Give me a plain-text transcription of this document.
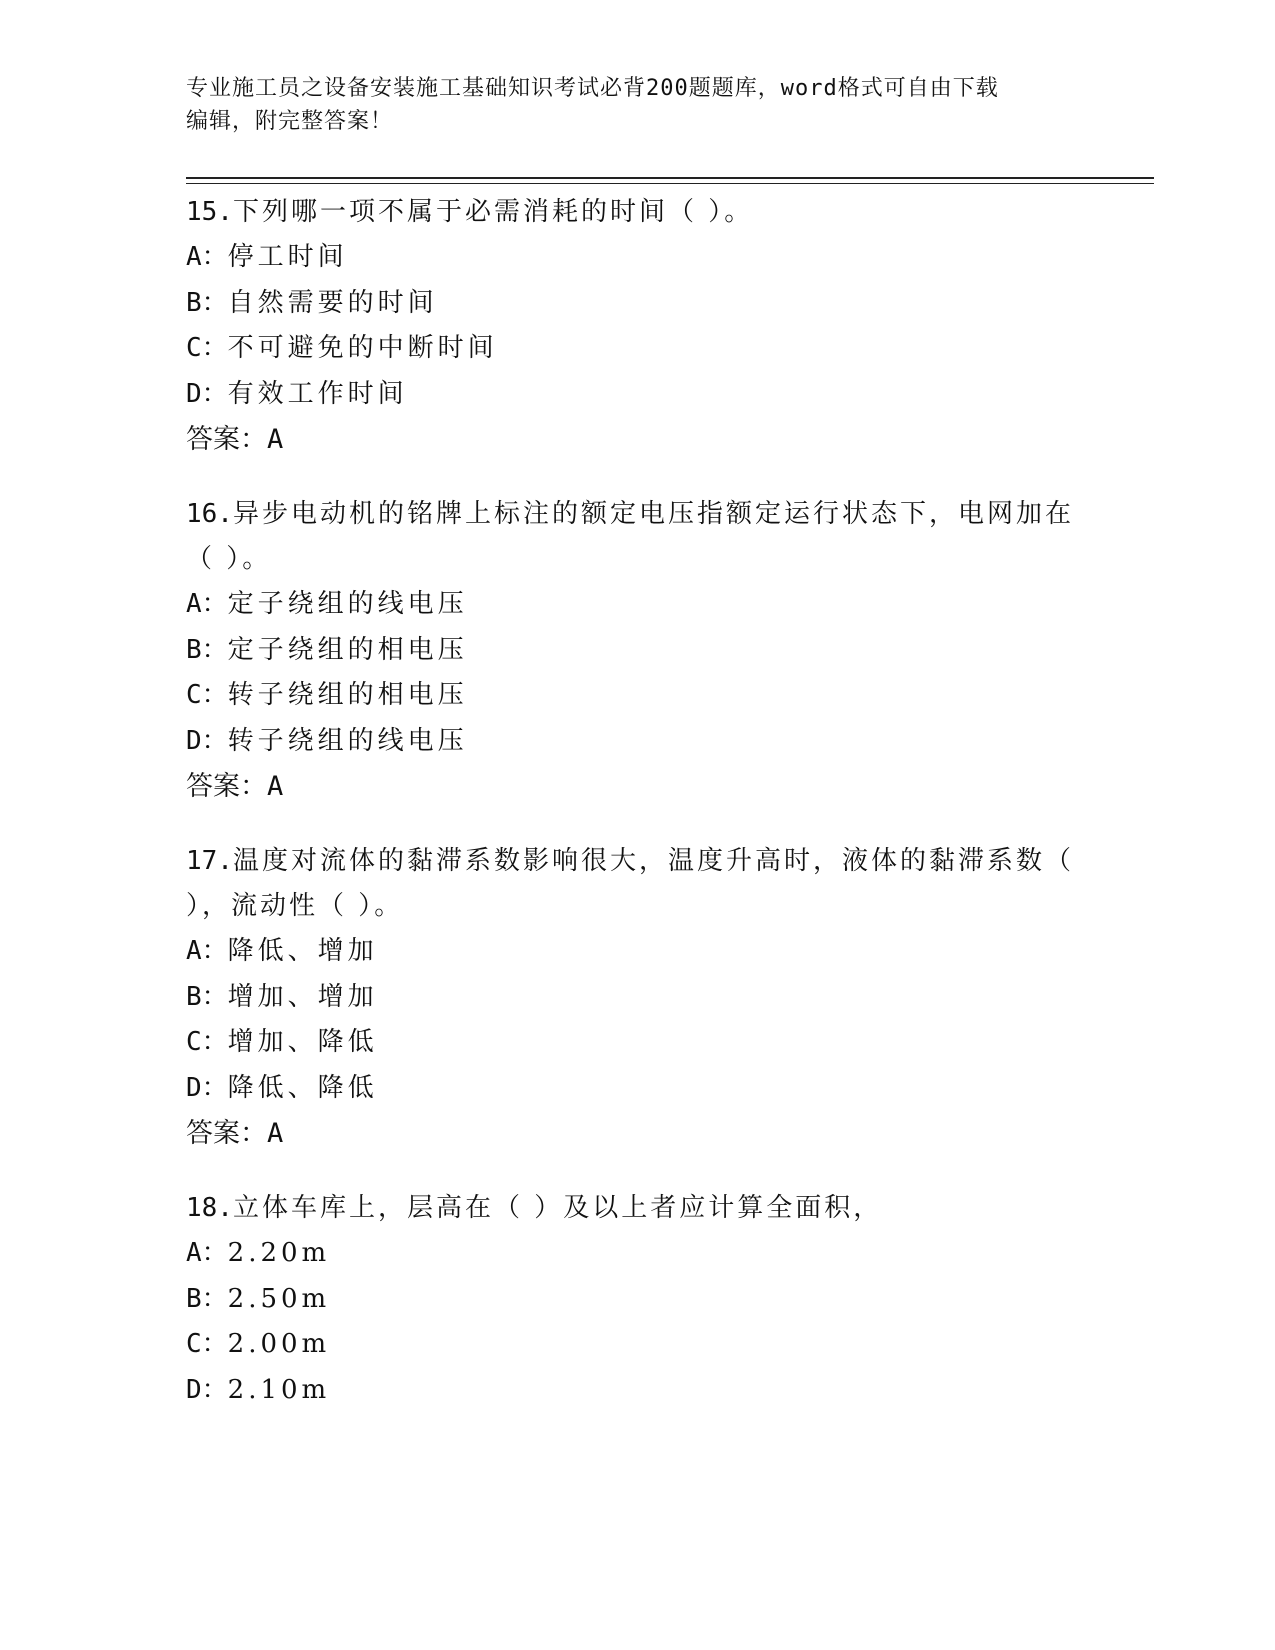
专业施工员之设备安装施工基础知识考试必背200题题库，word格式可自由下载
编辑，附完整答案！
15.下列哪一项不属于必需消耗的时间（ ）。
A：停工时间
B：自然需要的时间
C：不可避免的中断时间
D：有效工作时间
答案：A
16.异步电动机的铭牌上标注的额定电压指额定运行状态下，电网加在
（ ）。
A：定子绕组的线电压
B：定子绕组的相电压
C：转子绕组的相电压
D：转子绕组的线电压
答案：A
17.温度对流体的黏滞系数影响很大，温度升高时，液体的黏滞系数（
），流动性（ ）。
A：降低、增加
B：增加、增加
C：增加、降低
D：降低、降低
答案：A
18.立体车库上，层高在（ ）及以上者应计算全面积，
A：2.20m
B：2.50m
C：2.00m
D：2.10m
